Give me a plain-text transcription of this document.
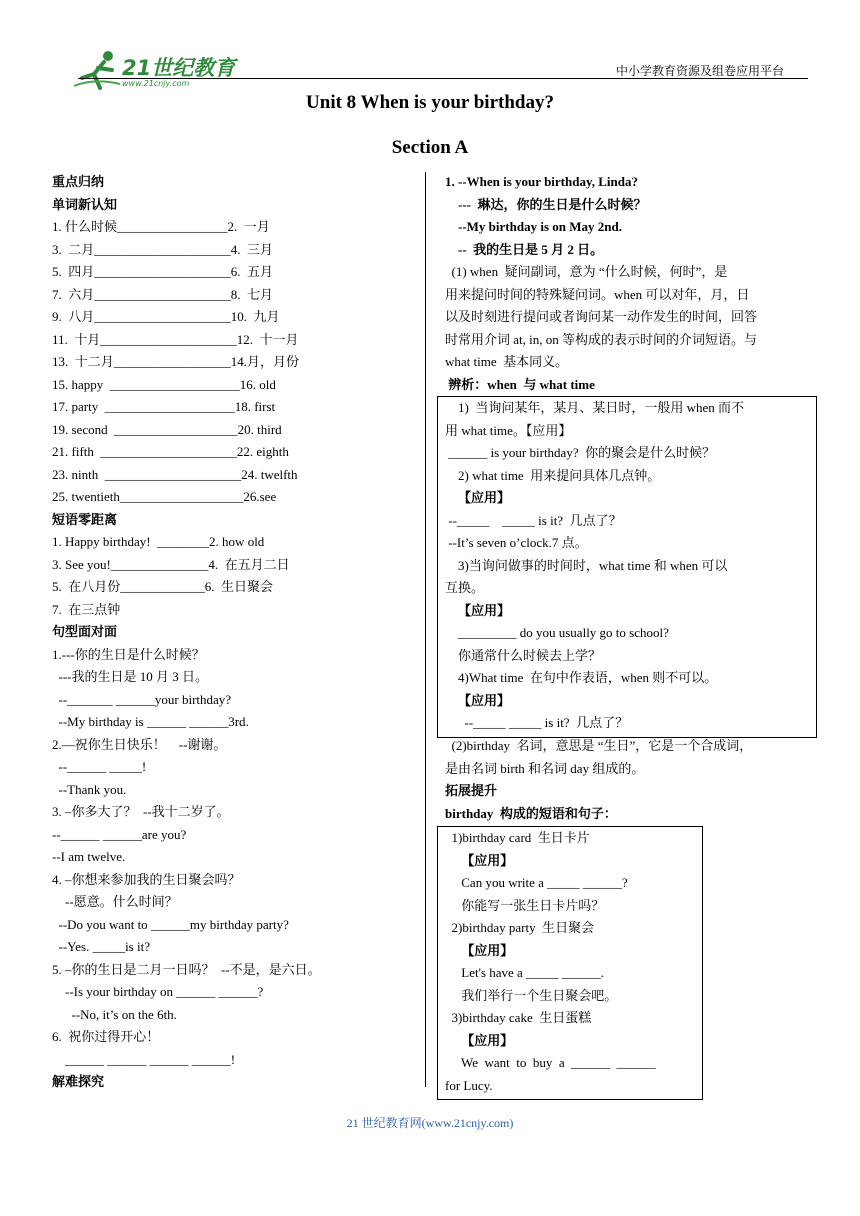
21世纪教育
www.21cnjy.com
中小学教育资源及组卷应用平台
Unit 8 When is your birthday?
Section A
重点归纳
单词新认知
1. 什么时候_________________2.  一月
3.  二月_____________________4.  三月
5.  四月_____________________6.  五月
7.  六月_____________________8.  七月
9.  八月_____________________10.  九月
11.  十月_____________________12.  十一月
13.  十二月__________________14.月，月份
15. happy  ____________________16. old
17. party  ____________________18. first
19. second  ___________________20. third
21. fifth  _____________________22. eighth
23. ninth  _____________________24. twelfth
25. twentieth___________________26.see
短语零距离
1. Happy birthday!  ________2. how old
3. See you!_______________4.  在五月二日
5.  在八月份_____________6.  生日聚会
7.  在三点钟
句型面对面
1.---你的生日是什么时候？
---我的生日是 10 月 3 日。
--_______ ______your birthday?
--My birthday is ______ ______3rd.
2.—祝你生日快乐！    --谢谢。
--______ _____!
--Thank you.
3. –你多大了？  --我十二岁了。
--______ ______are you?
--I am twelve.
4. –你想来参加我的生日聚会吗？
--愿意。什么时间？
--Do you want to ______my birthday party?
--Yes. _____is it?
5. –你的生日是二月一日吗？  --不是，是六日。
--Is your birthday on ______ ______?
--No, it’s on the 6th.
6.  祝你过得开心！
______ ______ ______ ______!
解难探究
1. --When is your birthday, Linda?
---  琳达，你的生日是什么时候？
--My birthday is on May 2nd.
--  我的生日是 5 月 2 日。
(1) when  疑问副词，意为 “什么时候，何时”，是
用来提问时间的特殊疑问词。when 可以对年，月，日
以及时刻进行提问或者询问某一动作发生的时间，回答
时常用介词 at, in, on 等构成的表示时间的介词短语。与
what time  基本同义。
辨析：when  与 what time
1)  当询问某年，某月、某日时，一般用 when 而不
用 what time。【应用】
______ is your birthday?  你的聚会是什么时候？
2) what time  用来提问具体几点钟。
【应用】
--_____    _____ is it?  几点了？
--It’s seven o’clock.7 点。
3)当询问做事的时间时，what time 和 when 可以
互换。
【应用】
_________ do you usually go to school?
你通常什么时候去上学？
4)What time  在句中作表语，when 则不可以。
【应用】
--_____ _____ is it?  几点了？
(2)birthday  名词，意思是 “生日”，它是一个合成词，
是由名词 birth 和名词 day 组成的。
拓展提升
birthday  构成的短语和句子：
1)birthday card  生日卡片
【应用】
Can you write a _____ ______?
你能写一张生日卡片吗？
2)birthday party  生日聚会
【应用】
Let's have a _____ ______.
我们举行一个生日聚会吧。
3)birthday cake  生日蛋糕
【应用】
We  want  to  buy  a  ______  ______
for Lucy.
21 世纪教育网(www.21cnjy.com)
